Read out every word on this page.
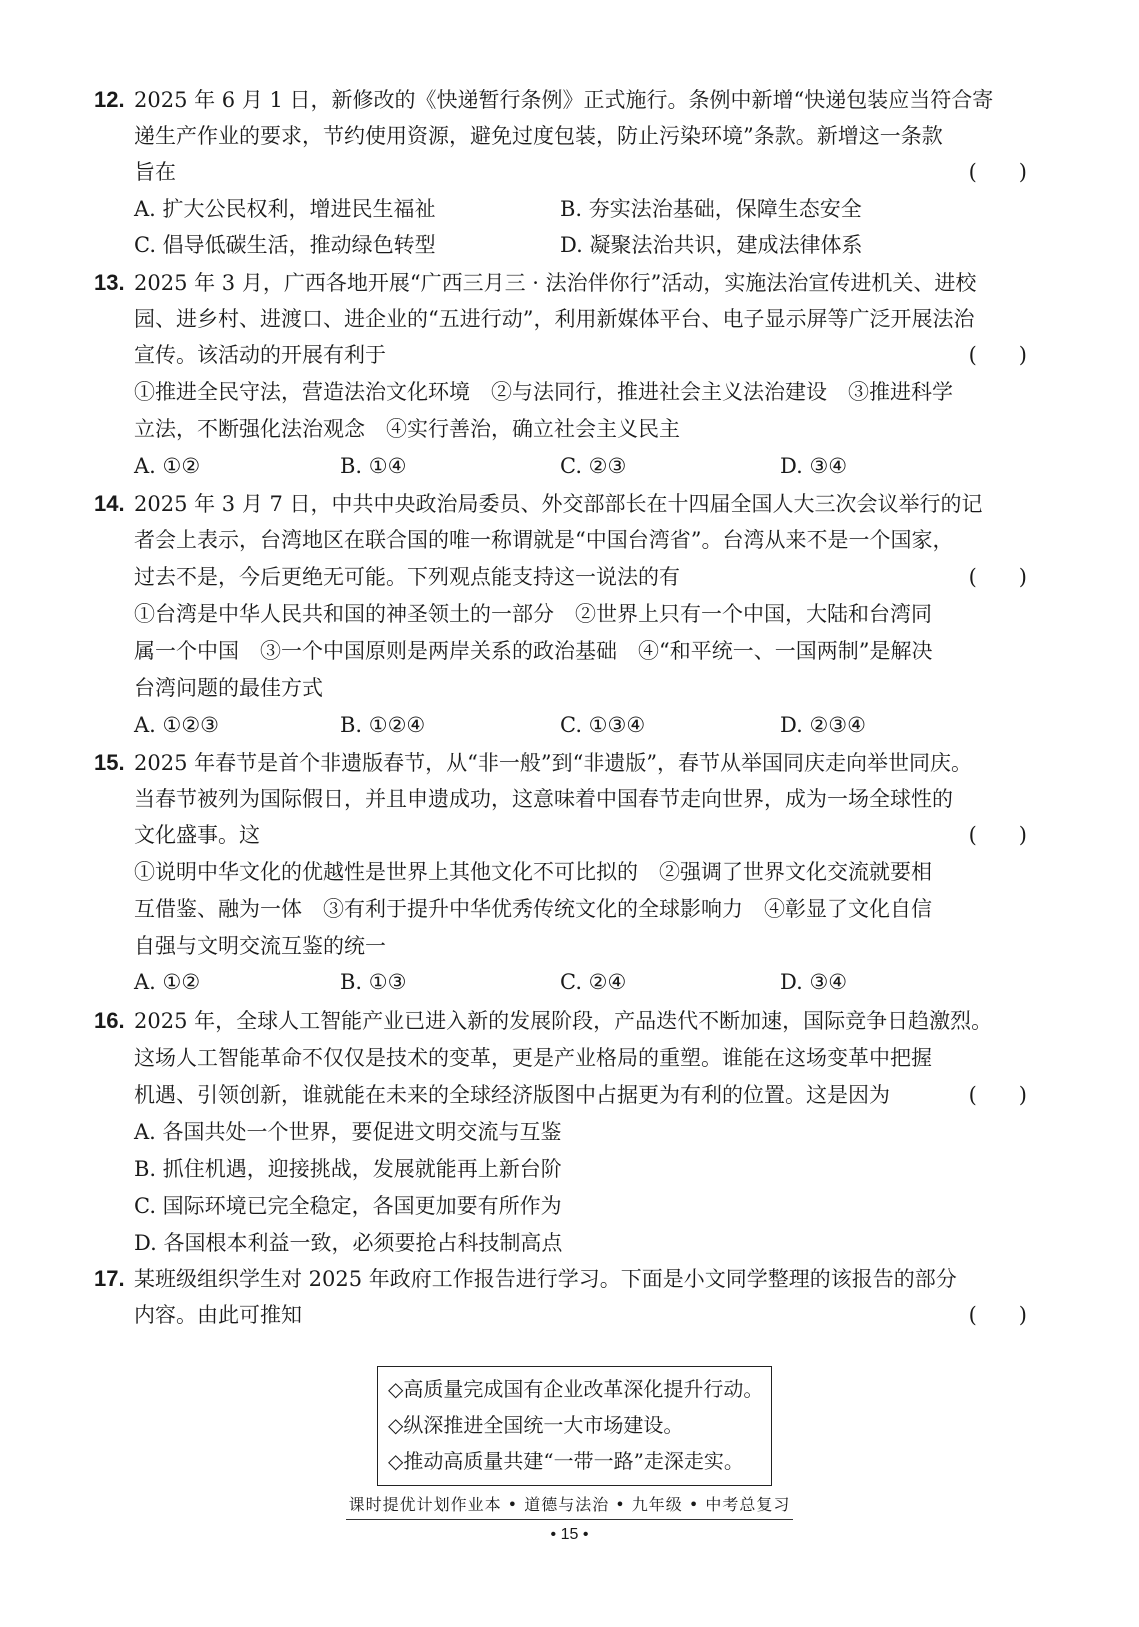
12. 2025 年 6 月 1 日，新修改的《快递暂行条例》正式施行。条例中新增“快递包装应当符合寄
递生产作业的要求，节约使用资源，避免过度包装，防止污染环境”条款。新增这一条款
旨在	(　　)
A. 扩大公民权利，增进民生福祉	B. 夯实法治基础，保障生态安全
C. 倡导低碳生活，推动绿色转型	D. 凝聚法治共识，建成法律体系
13. 2025 年 3 月，广西各地开展“广西三月三 · 法治伴你行”活动，实施法治宣传进机关、进校
园、进乡村、进渡口、进企业的“五进行动”，利用新媒体平台、电子显示屏等广泛开展法治
宣传。该活动的开展有利于	(　　)
①推进全民守法，营造法治文化环境　②与法同行，推进社会主义法治建设　③推进科学
立法，不断强化法治观念　④实行善治，确立社会主义民主
A. ①②	B. ①④	C. ②③	D. ③④
14. 2025 年 3 月 7 日，中共中央政治局委员、外交部部长在十四届全国人大三次会议举行的记
者会上表示，台湾地区在联合国的唯一称谓就是“中国台湾省”。台湾从来不是一个国家，
过去不是，今后更绝无可能。下列观点能支持这一说法的有	(　　)
①台湾是中华人民共和国的神圣领土的一部分　②世界上只有一个中国，大陆和台湾同
属一个中国　③一个中国原则是两岸关系的政治基础　④“和平统一、一国两制”是解决
台湾问题的最佳方式
A. ①②③	B. ①②④	C. ①③④	D. ②③④
15. 2025 年春节是首个非遗版春节，从“非一般”到“非遗版”，春节从举国同庆走向举世同庆。
当春节被列为国际假日，并且申遗成功，这意味着中国春节走向世界，成为一场全球性的
文化盛事。这	(　　)
①说明中华文化的优越性是世界上其他文化不可比拟的　②强调了世界文化交流就要相
互借鉴、融为一体　③有利于提升中华优秀传统文化的全球影响力　④彰显了文化自信
自强与文明交流互鉴的统一
A. ①②	B. ①③	C. ②④	D. ③④
16. 2025 年，全球人工智能产业已进入新的发展阶段，产品迭代不断加速，国际竞争日趋激烈。
这场人工智能革命不仅仅是技术的变革，更是产业格局的重塑。谁能在这场变革中把握
机遇、引领创新，谁就能在未来的全球经济版图中占据更为有利的位置。这是因为	(　　)
A. 各国共处一个世界，要促进文明交流与互鉴
B. 抓住机遇，迎接挑战，发展就能再上新台阶
C. 国际环境已完全稳定，各国更加要有所作为
D. 各国根本利益一致，必须要抢占科技制高点
17. 某班级组织学生对 2025 年政府工作报告进行学习。下面是小文同学整理的该报告的部分
内容。由此可推知	(　　)
◇高质量完成国有企业改革深化提升行动。
◇纵深推进全国统一大市场建设。
◇推动高质量共建“一带一路”走深走实。
课时提优计划作业本 • 道德与法治 • 九年级 • 中考总复习
• 15 •
